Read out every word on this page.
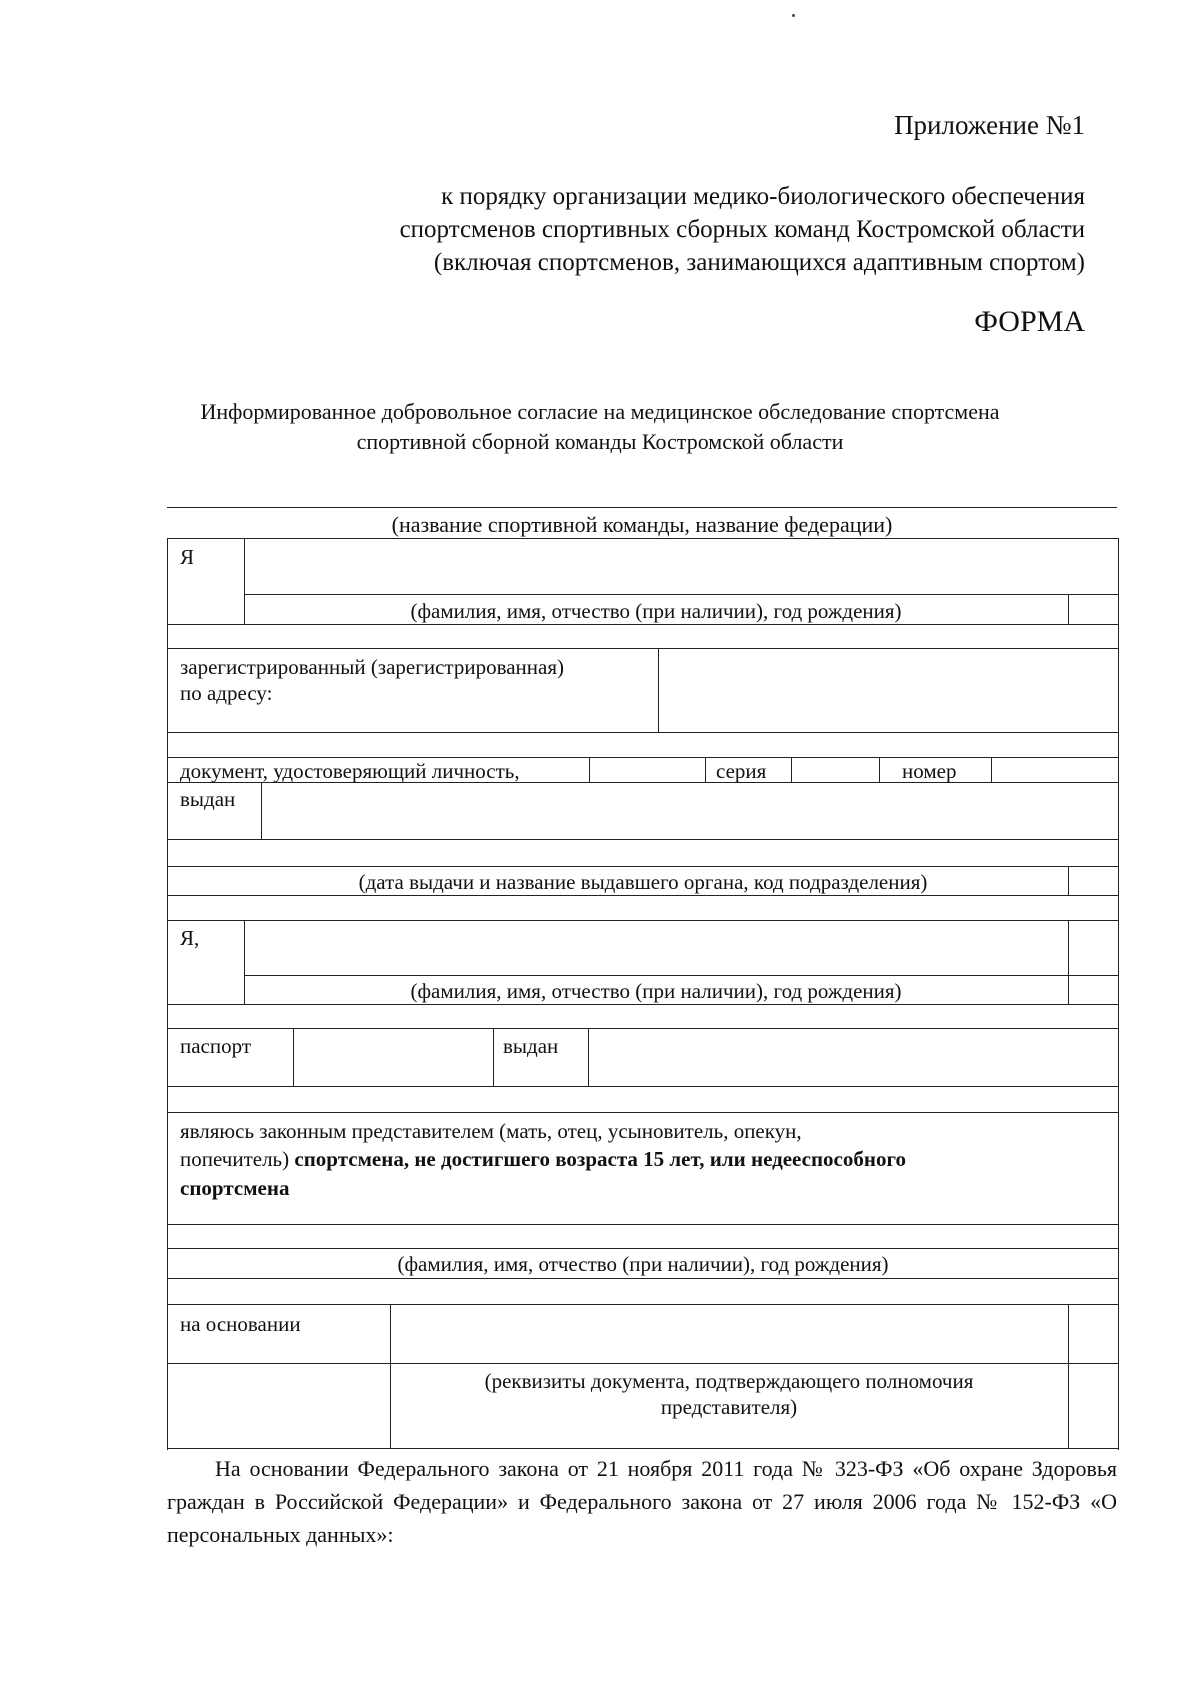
Приложение №1
к порядку организации медико-биологического обеспечения
спортсменов спортивных сборных команд Костромской области
(включая спортсменов, занимающихся адаптивным спортом)
ФОРМА
Информированное добровольное согласие на медицинское обследование спортсмена
спортивной сборной команды Костромской области
(название спортивной команды, название федерации)
Я
(фамилия, имя, отчество (при наличии), год рождения)
зарегистрированный (зарегистрированная)
по адресу:
документ, удостоверяющий личность,	серия	номер
выдан
(дата выдачи и название выдавшего органа, код подразделения)
Я,
(фамилия, имя, отчество (при наличии), год рождения)
паспорт	выдан
являюсь законным представителем (мать, отец, усыновитель, опекун,
попечитель) спортсмена, не достигшего возраста 15 лет, или недееспособного
спортсмена
(фамилия, имя, отчество (при наличии), год рождения)
на основании
(реквизиты документа, подтверждающего полномочия
представителя)

На основании Федерального закона от 21 ноября 2011 года № 323-ФЗ «Об охране Здоровья граждан в Российской Федерации» и Федерального закона от 27 июля 2006 года № 152-ФЗ «О персональных данных»:
